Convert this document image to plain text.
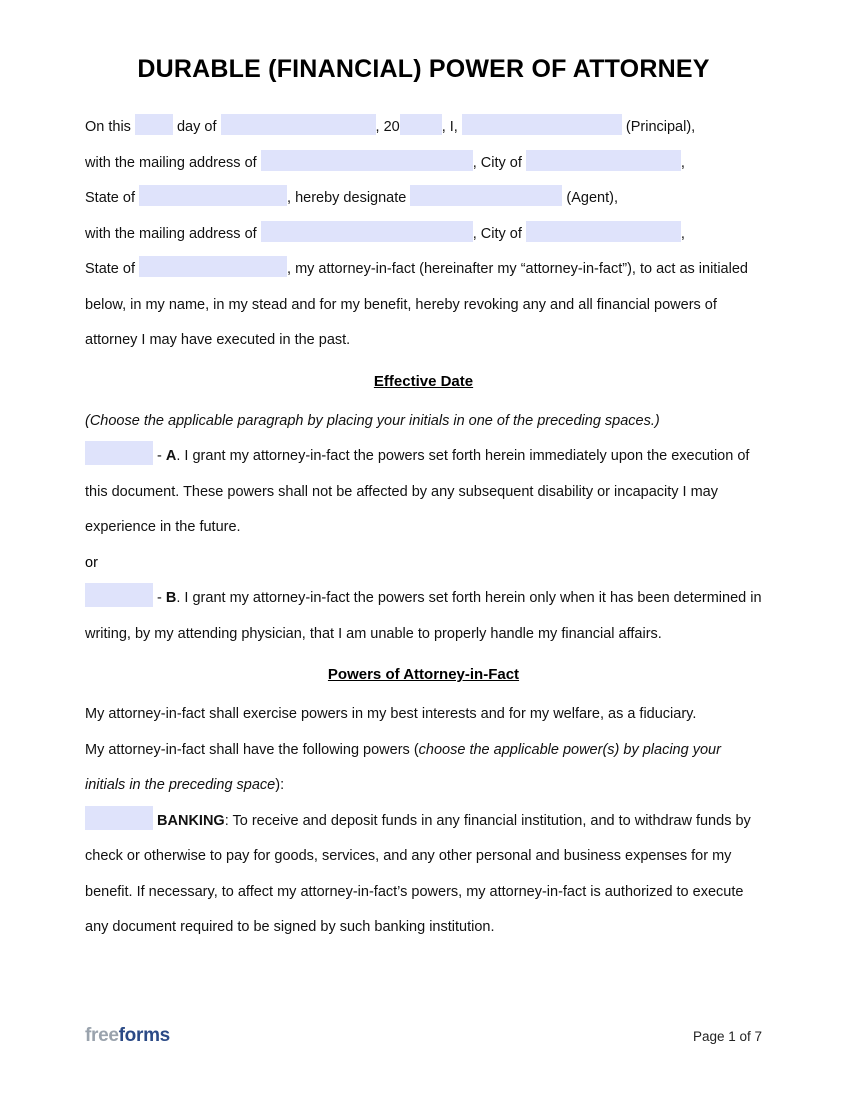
DURABLE (FINANCIAL) POWER OF ATTORNEY

On this	day of	, 20	, I,	(Principal),

with the mailing address of	, City of	,

State of	, hereby designate	(Agent),

with the mailing address of	, City of	,

State of	, my attorney-in-fact (hereinafter my “attorney-in-fact”), to act as initialed below, in my name, in my stead and for my benefit, hereby revoking any and all financial powers of attorney I may have executed in the past.

Effective Date

(Choose the applicable paragraph by placing your initials in one of the preceding spaces.)

- A. I grant my attorney-in-fact the powers set forth herein immediately upon the execution of this document. These powers shall not be affected by any subsequent disability or incapacity I may experience in the future.

or

- B. I grant my attorney-in-fact the powers set forth herein only when it has been determined in writing, by my attending physician, that I am unable to properly handle my financial affairs.

Powers of Attorney-in-Fact

My attorney-in-fact shall exercise powers in my best interests and for my welfare, as a fiduciary.

My attorney-in-fact shall have the following powers (choose the applicable power(s) by placing your initials in the preceding space):

BANKING: To receive and deposit funds in any financial institution, and to withdraw funds by check or otherwise to pay for goods, services, and any other personal and business expenses for my benefit. If necessary, to affect my attorney-in-fact’s powers, my attorney-in-fact is authorized to execute any document required to be signed by such banking institution.

freeforms	Page 1 of 7
